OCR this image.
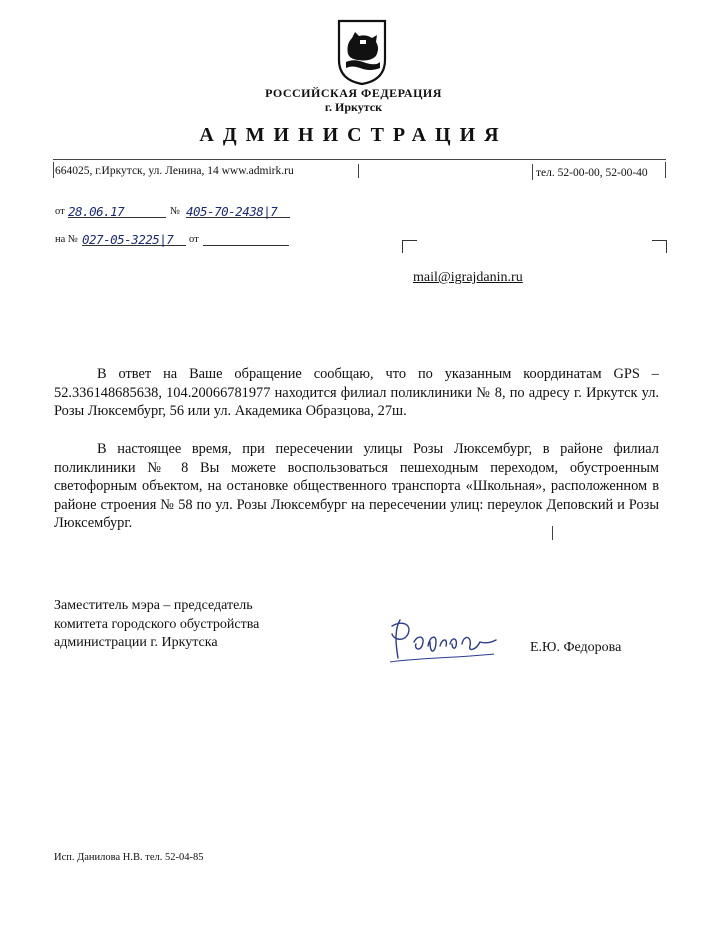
РОССИЙСКАЯ ФЕДЕРАЦИЯ
г. Иркутск
АДМИНИСТРАЦИЯ
664025, г.Иркутск, ул. Ленина, 14 www.admirk.ru	тел. 52-00-00, 52-00-40
от 28.06.17	№ 405-70-2438|7
на № 027-05-3225|7	от
mail@igrajdanin.ru
В ответ на Ваше обращение сообщаю, что по указанным координатам GPS – 52.336148685638, 104.20066781977 находится филиал поликлиники № 8, по адресу г. Иркутск ул. Розы Люксембург, 56 или ул. Академика Образцова, 27ш.
В настоящее время, при пересечении улицы Розы Люксембург, в районе филиал поликлиники № 8 Вы можете воспользоваться пешеходным переходом, обустроенным светофорным объектом, на остановке общественного транспорта «Школьная», расположенном в районе строения № 58 по ул. Розы Люксембург на пересечении улиц: переулок Деповский и Розы Люксембург.
Заместитель мэра – председатель
комитета городского обустройства
администрации г. Иркутска	Е.Ю. Федорова
Исп. Данилова Н.В. тел. 52-04-85
